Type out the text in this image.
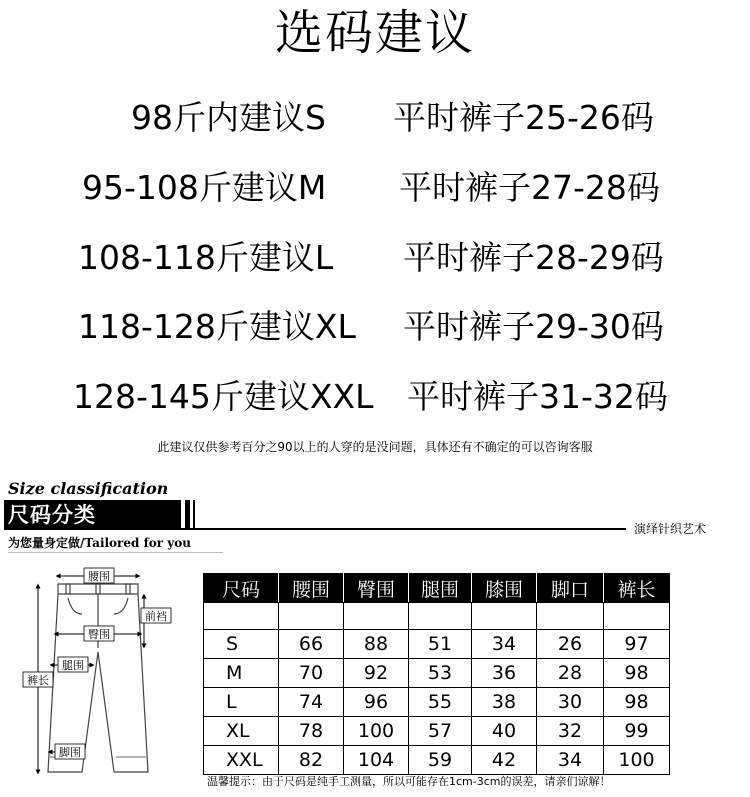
选码建议
98斤内建议S 平时裤子25-26码
95-108斤建议M 平时裤子27-28码
108-118斤建议L 平时裤子28-29码
118-128斤建议XL 平时裤子29-30码
128-145斤建议XXL 平时裤子31-32码
此建议仅供参考百分之90以上的人穿的是没问题，具体还有不确定的可以咨询客服
Size classification
尺码分类
演绎针织艺术
为您量身定做/Tailored for you
腰围
臀围
前裆
腿围
裤长
脚围
尺码	腰围	臀围	腿围	膝围	脚口	裤长

S	66	88	51	34	26	97
M	70	92	53	36	28	98
L	74	96	55	38	30	98
XL	78	100	57	40	32	99
XXL	82	104	59	42	34	100
温馨提示：由于尺码是纯手工测量，所以可能存在1cm-3cm的误差，请亲们谅解！
